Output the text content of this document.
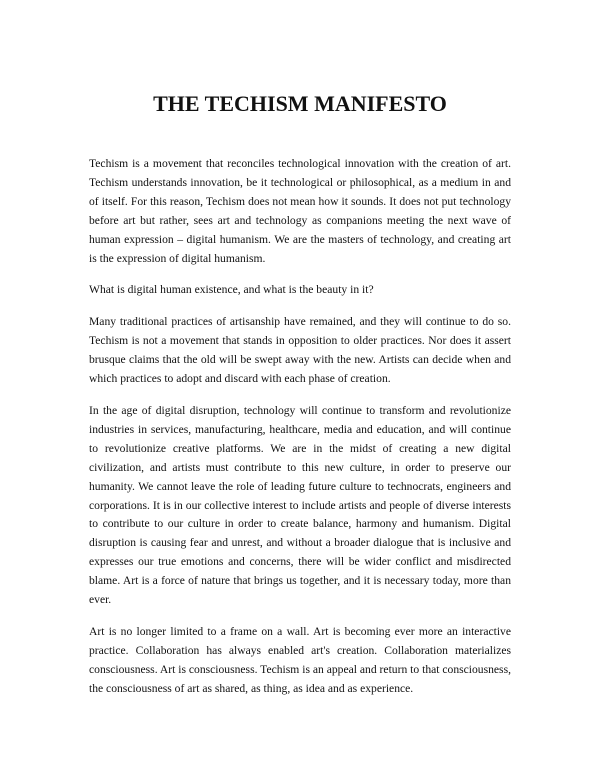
THE TECHISM MANIFESTO

Techism is a movement that reconciles technological innovation with the creation of art. Techism understands innovation, be it technological or philosophical, as a medium in and of itself. For this reason, Techism does not mean how it sounds. It does not put technology before art but rather, sees art and technology as companions meeting the next wave of human expression – digital humanism. We are the masters of technology, and creating art is the expression of digital humanism.

What is digital human existence, and what is the beauty in it?

Many traditional practices of artisanship have remained, and they will continue to do so. Techism is not a movement that stands in opposition to older practices. Nor does it assert brusque claims that the old will be swept away with the new. Artists can decide when and which practices to adopt and discard with each phase of creation.

In the age of digital disruption, technology will continue to transform and revolutionize industries in services, manufacturing, healthcare, media and education, and will continue to revolutionize creative platforms. We are in the midst of creating a new digital civilization, and artists must contribute to this new culture, in order to preserve our humanity. We cannot leave the role of leading future culture to technocrats, engineers and corporations. It is in our collective interest to include artists and people of diverse interests to contribute to our culture in order to create balance, harmony and humanism. Digital disruption is causing fear and unrest, and without a broader dialogue that is inclusive and expresses our true emotions and concerns, there will be wider conflict and misdirected blame. Art is a force of nature that brings us together, and it is necessary today, more than ever.

Art is no longer limited to a frame on a wall. Art is becoming ever more an interactive practice. Collaboration has always enabled art's creation. Collaboration materializes consciousness. Art is consciousness. Techism is an appeal and return to that consciousness, the consciousness of art as shared, as thing, as idea and as experience.
